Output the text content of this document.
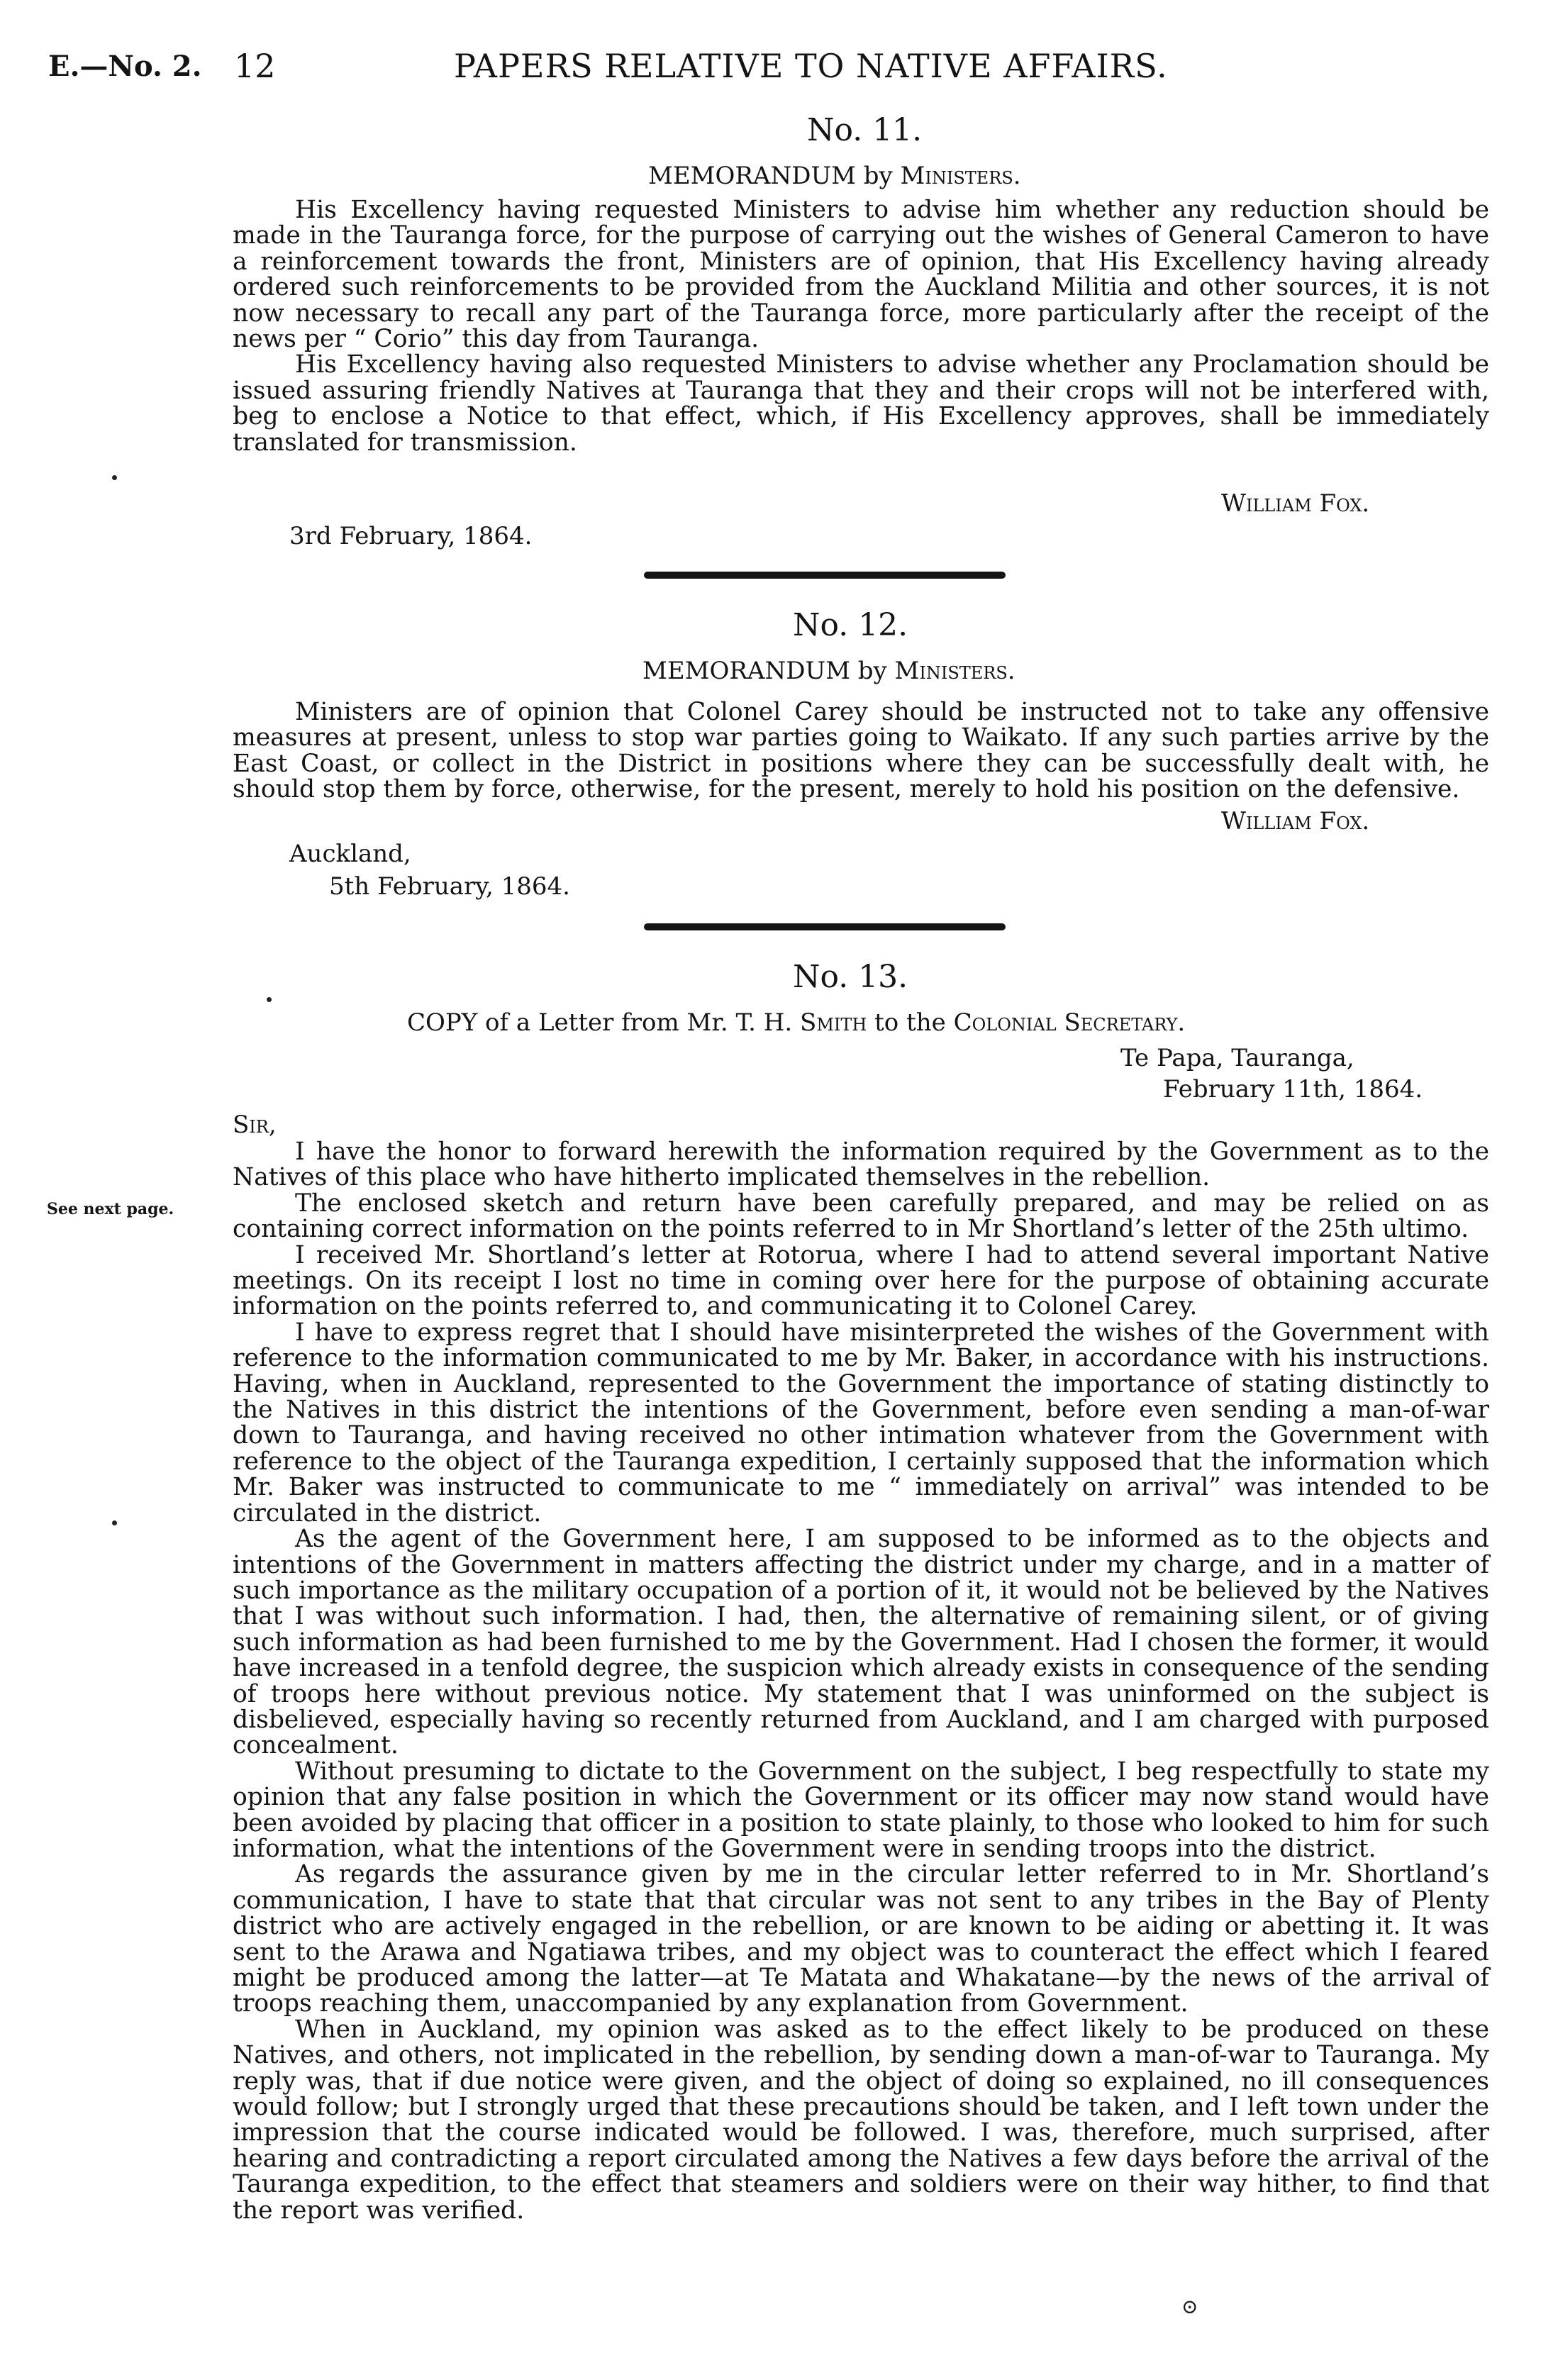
E.—No. 2. 12	PAPERS RELATIVE TO NATIVE AFFAIRS.
No. 11.
MEMORANDUM by Ministers.

His Excellency having requested Ministers to advise him whether any reduction should be made in the Tauranga force, for the purpose of carrying out the wishes of General Cameron to have a reinforcement towards the front, Ministers are of opinion, that His Excellency having already ordered such reinforcements to be provided from the Auckland Militia and other sources, it is not now necessary to recall any part of the Tauranga force, more particularly after the receipt of the news per “ Corio” this day from Tauranga.

His Excellency having also requested Ministers to advise whether any Proclamation should be issued assuring friendly Natives at Tauranga that they and their crops will not be interfered with, beg to enclose a Notice to that effect, which, if His Excellency approves, shall be immediately translated for transmission.

William Fox.
3rd February, 1864.
No. 12.
MEMORANDUM by Ministers.

Ministers are of opinion that Colonel Carey should be instructed not to take any offensive measures at present, unless to stop war parties going to Waikato. If any such parties arrive by the East Coast, or collect in the District in positions where they can be successfully dealt with, he should stop them by force, otherwise, for the present, merely to hold his position on the defensive.

William Fox.
Auckland,
5th February, 1864.
No. 13.
COPY of a Letter from Mr. T. H. Smith to the Colonial Secretary.
Te Papa, Tauranga,
February 11th, 1864.
Sir,
See next page.

I have the honor to forward herewith the information required by the Government as to the Natives of this place who have hitherto implicated themselves in the rebellion.

The enclosed sketch and return have been carefully prepared, and may be relied on as containing correct information on the points referred to in Mr Shortland’s letter of the 25th ultimo.

I received Mr. Shortland’s letter at Rotorua, where I had to attend several important Native meetings. On its receipt I lost no time in coming over here for the purpose of obtaining accurate information on the points referred to, and communicating it to Colonel Carey.

I have to express regret that I should have misinterpreted the wishes of the Government with reference to the information communicated to me by Mr. Baker, in accordance with his instructions. Having, when in Auckland, represented to the Government the importance of stating distinctly to the Natives in this district the intentions of the Government, before even sending a man-of-war down to Tauranga, and having received no other intimation whatever from the Government with reference to the object of the Tauranga expedition, I certainly supposed that the information which Mr. Baker was instructed to communicate to me “ immediately on arrival” was intended to be circulated in the district.

As the agent of the Government here, I am supposed to be informed as to the objects and intentions of the Government in matters affecting the district under my charge, and in a matter of such importance as the military occupation of a portion of it, it would not be believed by the Natives that I was without such information. I had, then, the alternative of remaining silent, or of giving such information as had been furnished to me by the Government. Had I chosen the former, it would have increased in a tenfold degree, the suspicion which already exists in consequence of the sending of troops here without previous notice. My statement that I was uninformed on the subject is disbelieved, especially having so recently returned from Auckland, and I am charged with purposed concealment.

Without presuming to dictate to the Government on the subject, I beg respectfully to state my opinion that any false position in which the Government or its officer may now stand would have been avoided by placing that officer in a position to state plainly, to those who looked to him for such information, what the intentions of the Government were in sending troops into the district.

As regards the assurance given by me in the circular letter referred to in Mr. Shortland’s communication, I have to state that that circular was not sent to any tribes in the Bay of Plenty district who are actively engaged in the rebellion, or are known to be aiding or abetting it. It was sent to the Arawa and Ngatiawa tribes, and my object was to counteract the effect which I feared might be produced among the latter—at Te Matata and Whakatane—by the news of the arrival of troops reaching them, unaccompanied by any explanation from Government.

When in Auckland, my opinion was asked as to the effect likely to be produced on these Natives, and others, not implicated in the rebellion, by sending down a man-of-war to Tauranga. My reply was, that if due notice were given, and the object of doing so explained, no ill consequences would follow; but I strongly urged that these precautions should be taken, and I left town under the impression that the course indicated would be followed. I was, therefore, much surprised, after hearing and contradicting a report circulated among the Natives a few days before the arrival of the Tauranga expedition, to the effect that steamers and soldiers were on their way hither, to find that the report was verified.

⊙
